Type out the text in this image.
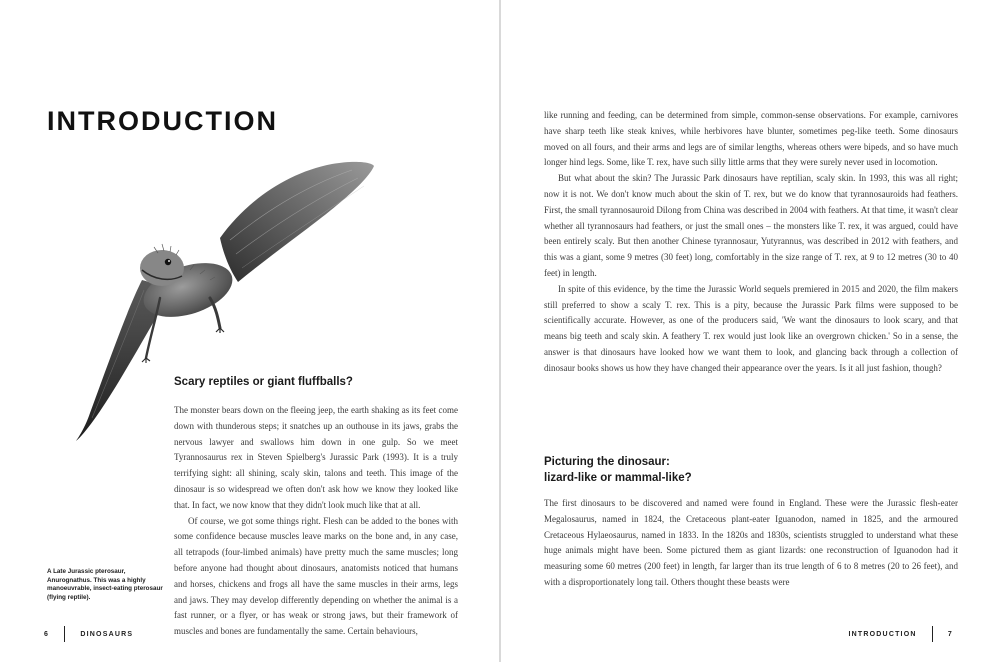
INTRODUCTION
Scary reptiles or giant fluffballs?

The monster bears down on the fleeing jeep, the earth shaking as its feet come down with thunderous steps; it snatches up an outhouse in its jaws, grabs the nervous lawyer and swallows him down in one gulp. So we meet Tyrannosaurus rex in Steven Spielberg's Jurassic Park (1993). It is a truly terrifying sight: all shining, scaly skin, talons and teeth. This image of the dinosaur is so widespread we often don't ask how we know they looked like that. In fact, we now know that they didn't look much like that at all.

Of course, we got some things right. Flesh can be added to the bones with some confidence because muscles leave marks on the bone and, in any case, all tetrapods (four-limbed animals) have pretty much the same muscles; long before anyone had thought about dinosaurs, anatomists noticed that humans and horses, chickens and frogs all have the same muscles in their arms, legs and jaws. They may develop differently depending on whether the animal is a fast runner, or a flyer, or has weak or strong jaws, but their framework of muscles and bones are fundamentally the same. Certain behaviours,

A Late Jurassic pterosaur, Anurognathus. This was a highly manoeuvrable, insect-eating pterosaur (flying reptile).
6	DINOSAURS

like running and feeding, can be determined from simple, common-sense observations. For example, carnivores have sharp teeth like steak knives, while herbivores have blunter, sometimes peg-like teeth. Some dinosaurs moved on all fours, and their arms and legs are of similar lengths, whereas others were bipeds, and so have much longer hind legs. Some, like T. rex, have such silly little arms that they were surely never used in locomotion.

But what about the skin? The Jurassic Park dinosaurs have reptilian, scaly skin. In 1993, this was all right; now it is not. We don't know much about the skin of T. rex, but we do know that tyrannosauroids had feathers. First, the small tyrannosauroid Dilong from China was described in 2004 with feathers. At that time, it wasn't clear whether all tyrannosaurs had feathers, or just the small ones – the monsters like T. rex, it was argued, could have been entirely scaly. But then another Chinese tyrannosaur, Yutyrannus, was described in 2012 with feathers, and this was a giant, some 9 metres (30 feet) long, comfortably in the size range of T. rex, at 9 to 12 metres (30 to 40 feet) in length.

In spite of this evidence, by the time the Jurassic World sequels premiered in 2015 and 2020, the film makers still preferred to show a scaly T. rex. This is a pity, because the Jurassic Park films were supposed to be scientifically accurate. However, as one of the producers said, 'We want the dinosaurs to look scary, and that means big teeth and scaly skin. A feathery T. rex would just look like an overgrown chicken.' So in a sense, the answer is that dinosaurs have looked how we want them to look, and glancing back through a collection of dinosaur books shows us how they have changed their appearance over the years. Is it all just fashion, though?

Picturing the dinosaur:
lizard-like or mammal-like?

The first dinosaurs to be discovered and named were found in England. These were the Jurassic flesh-eater Megalosaurus, named in 1824, the Cretaceous plant-eater Iguanodon, named in 1825, and the armoured Cretaceous Hylaeosaurus, named in 1833. In the 1820s and 1830s, scientists struggled to understand what these huge animals might have been. Some pictured them as giant lizards: one reconstruction of Iguanodon had it measuring some 60 metres (200 feet) in length, far larger than its true length of 6 to 8 metres (20 to 26 feet), and with a disproportionately long tail. Others thought these beasts were

INTRODUCTION	7
